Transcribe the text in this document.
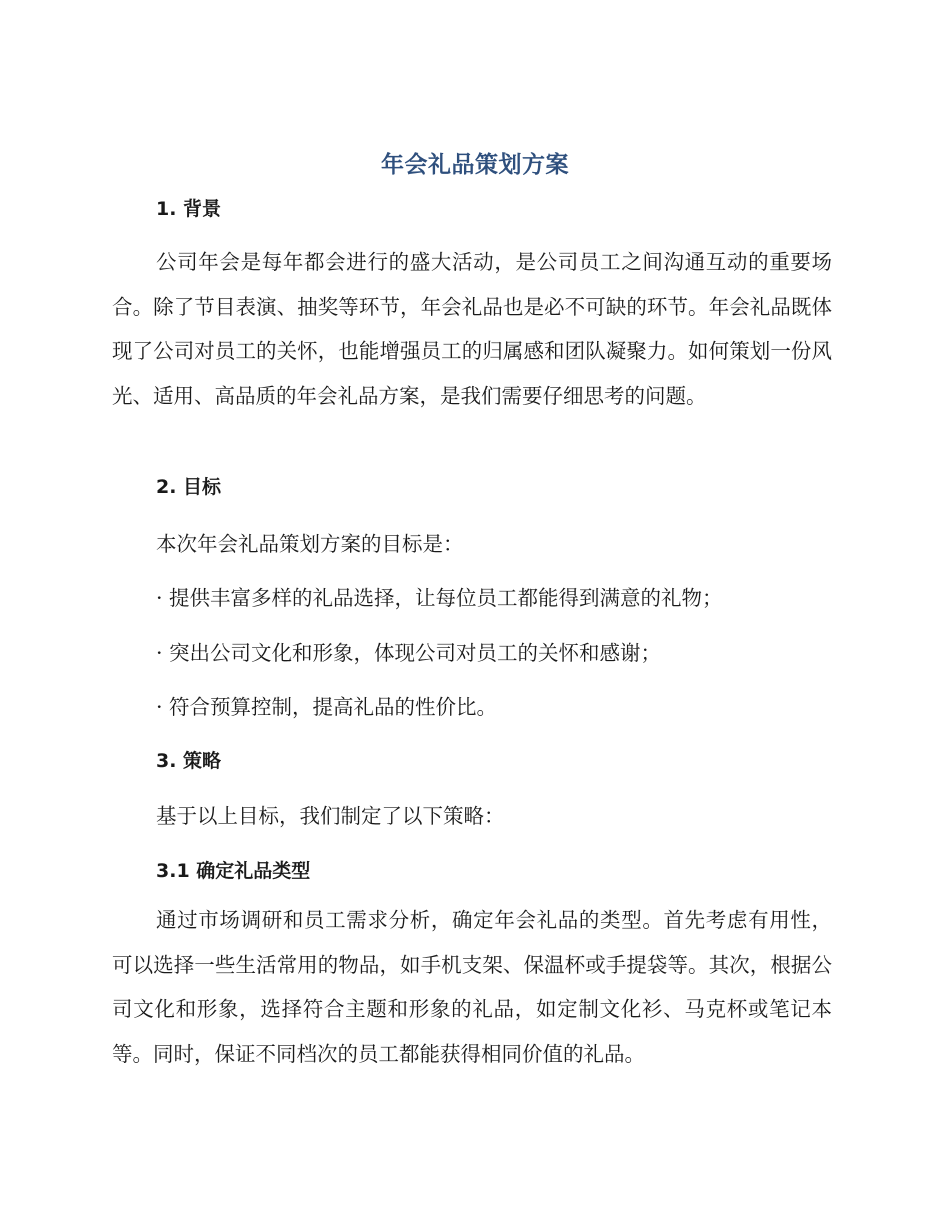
年会礼品策划方案
1. 背景
公司年会是每年都会进行的盛大活动，是公司员工之间沟通互动的重要场合。除了节目表演、抽奖等环节，年会礼品也是必不可缺的环节。年会礼品既体现了公司对员工的关怀，也能增强员工的归属感和团队凝聚力。如何策划一份风光、适用、高品质的年会礼品方案，是我们需要仔细思考的问题。
2. 目标
本次年会礼品策划方案的目标是：
· 提供丰富多样的礼品选择，让每位员工都能得到满意的礼物；
· 突出公司文化和形象，体现公司对员工的关怀和感谢；
· 符合预算控制，提高礼品的性价比。
3. 策略
基于以上目标，我们制定了以下策略：
3.1 确定礼品类型
通过市场调研和员工需求分析，确定年会礼品的类型。首先考虑有用性，可以选择一些生活常用的物品，如手机支架、保温杯或手提袋等。其次，根据公司文化和形象，选择符合主题和形象的礼品，如定制文化衫、马克杯或笔记本等。同时，保证不同档次的员工都能获得相同价值的礼品。
